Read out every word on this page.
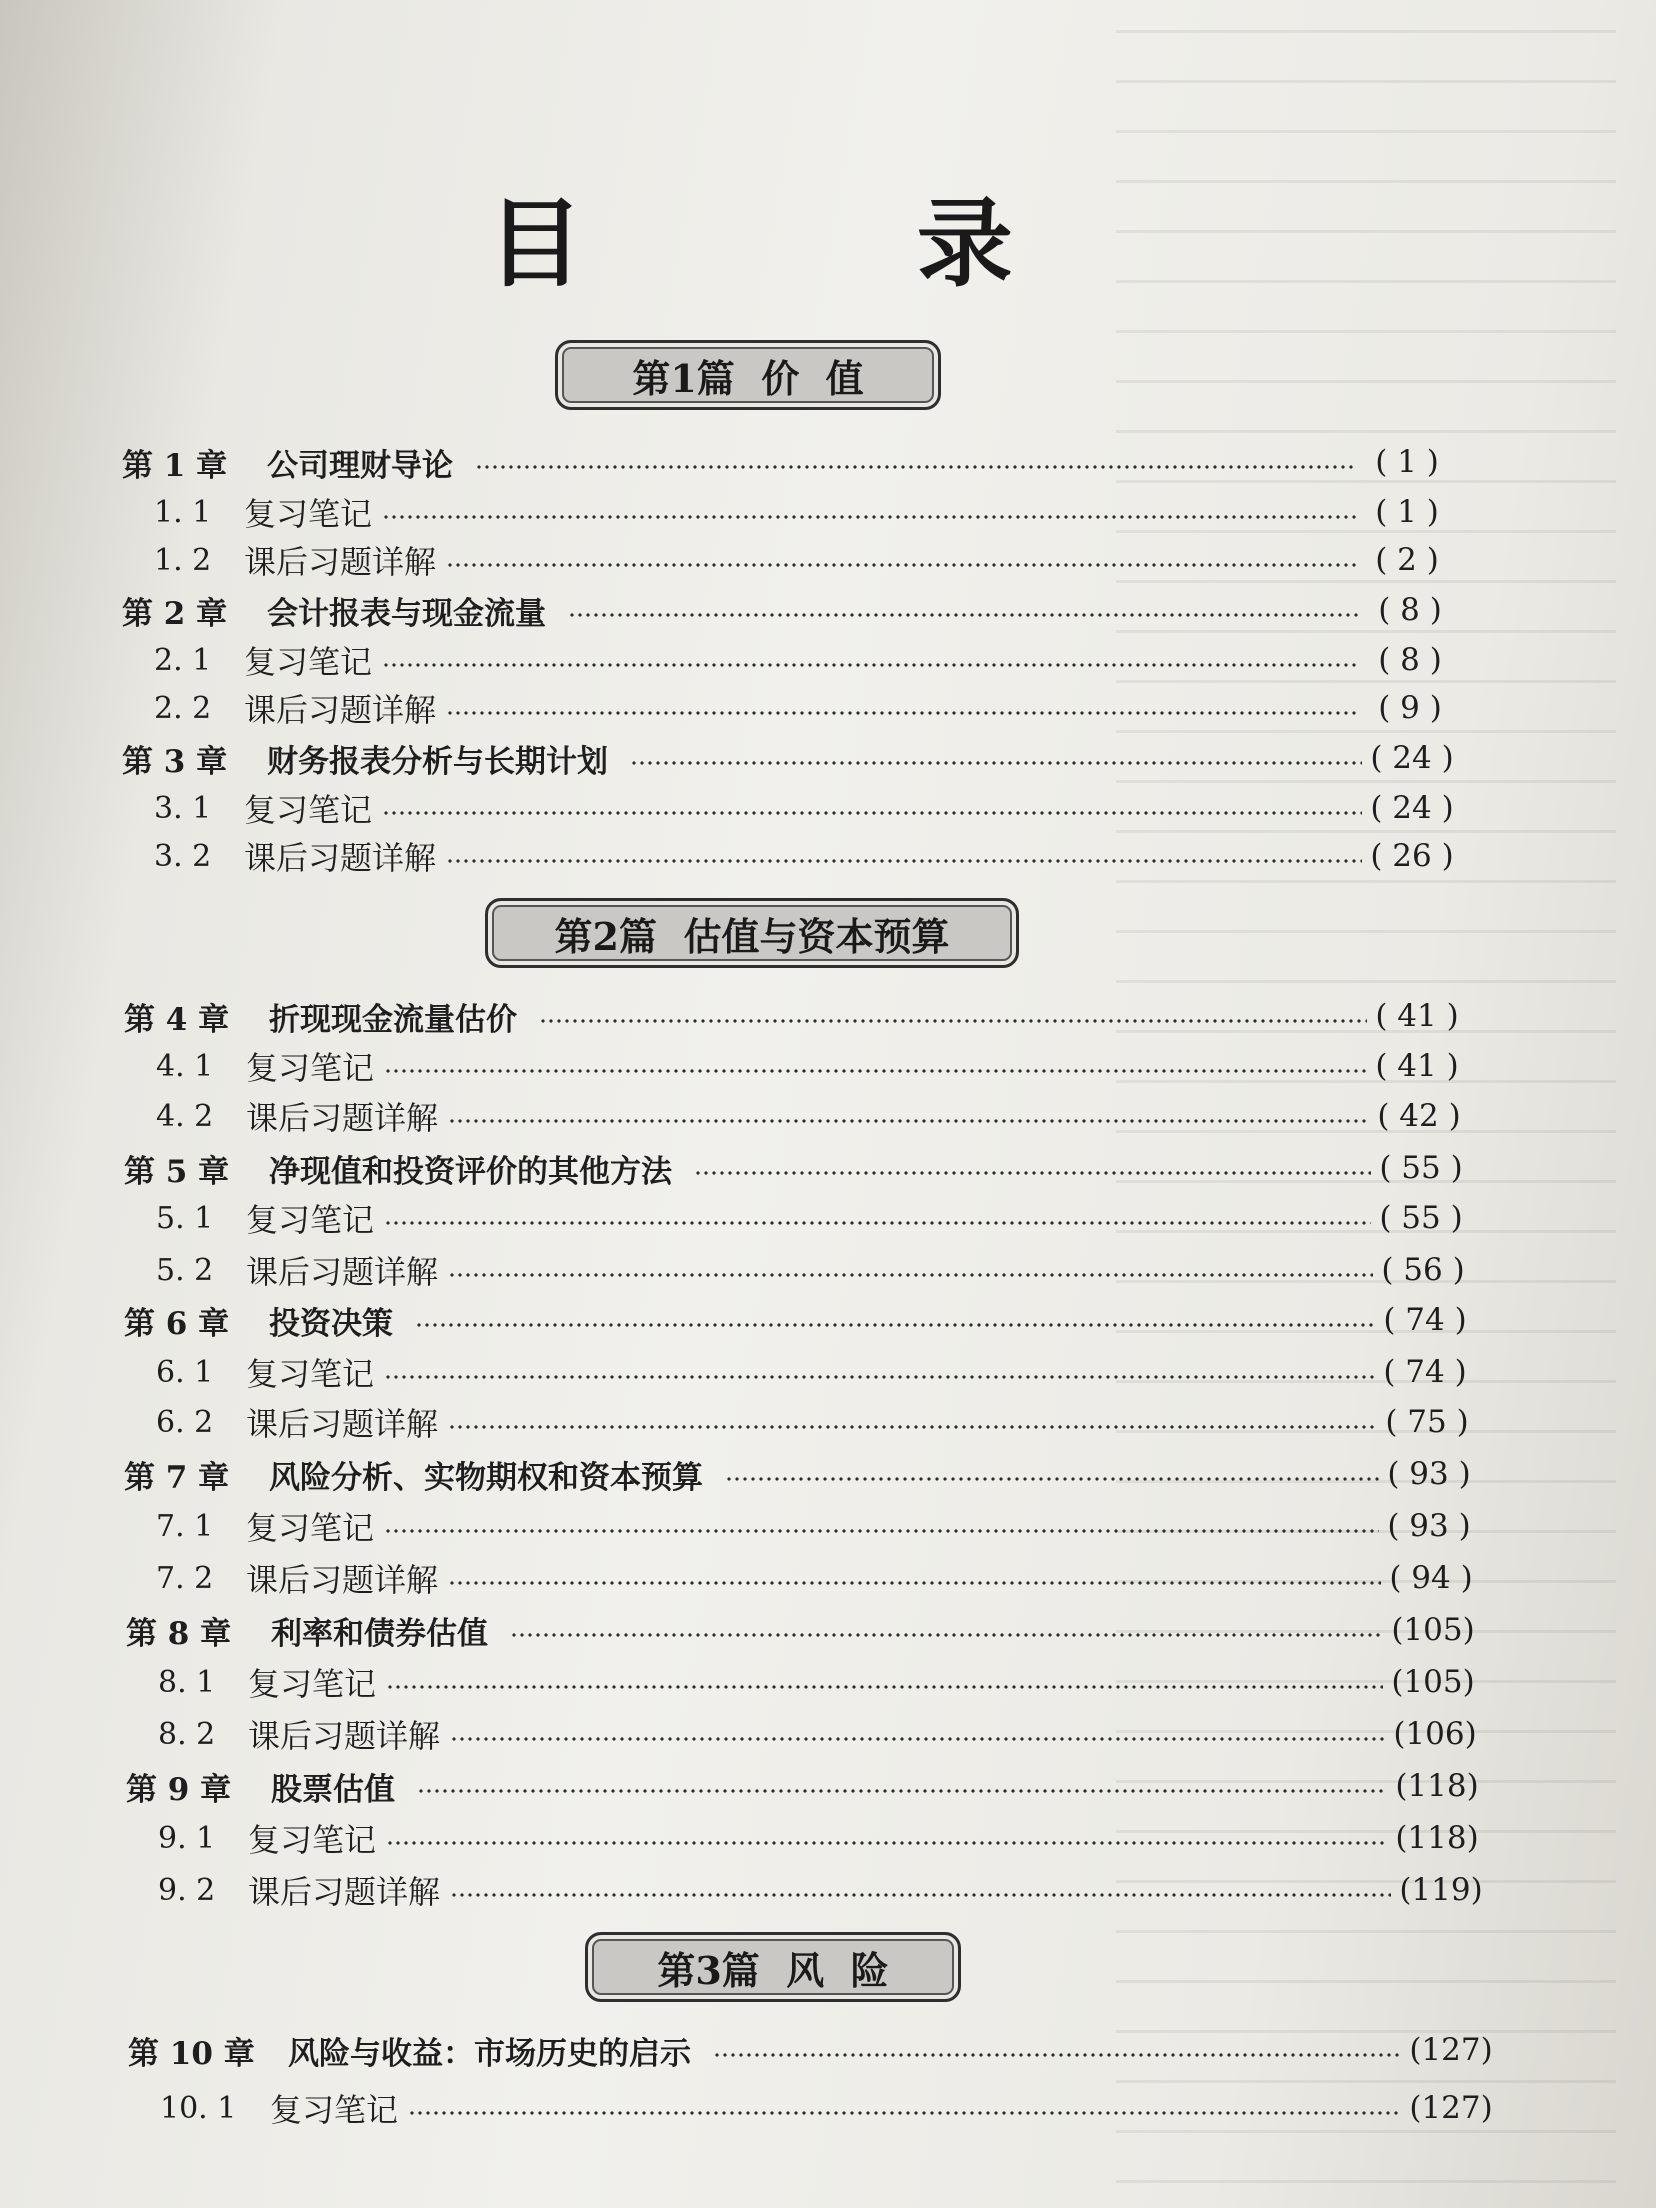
目 录
第1篇  价  值
第2篇  估值与资本预算
第3篇  风  险
第 1 章	公司理财导论	( 1 )
1. 1	复习笔记	( 1 )
1. 2	课后习题详解	( 2 )
第 2 章	会计报表与现金流量	( 8 )
2. 1	复习笔记	( 8 )
2. 2	课后习题详解	( 9 )
第 3 章	财务报表分析与长期计划	( 24 )
3. 1	复习笔记	( 24 )
3. 2	课后习题详解	( 26 )
第 4 章	折现现金流量估价	( 41 )
4. 1	复习笔记	( 41 )
4. 2	课后习题详解	( 42 )
第 5 章	净现值和投资评价的其他方法	( 55 )
5. 1	复习笔记	( 55 )
5. 2	课后习题详解	( 56 )
第 6 章	投资决策	( 74 )
6. 1	复习笔记	( 74 )
6. 2	课后习题详解	( 75 )
第 7 章	风险分析、实物期权和资本预算	( 93 )
7. 1	复习笔记	( 93 )
7. 2	课后习题详解	( 94 )
第 8 章	利率和债券估值	(105)
8. 1	复习笔记	(105)
8. 2	课后习题详解	(106)
第 9 章	股票估值	(118)
9. 1	复习笔记	(118)
9. 2	课后习题详解	(119)
第 10 章	风险与收益：市场历史的启示	(127)
10. 1	复习笔记	(127)
